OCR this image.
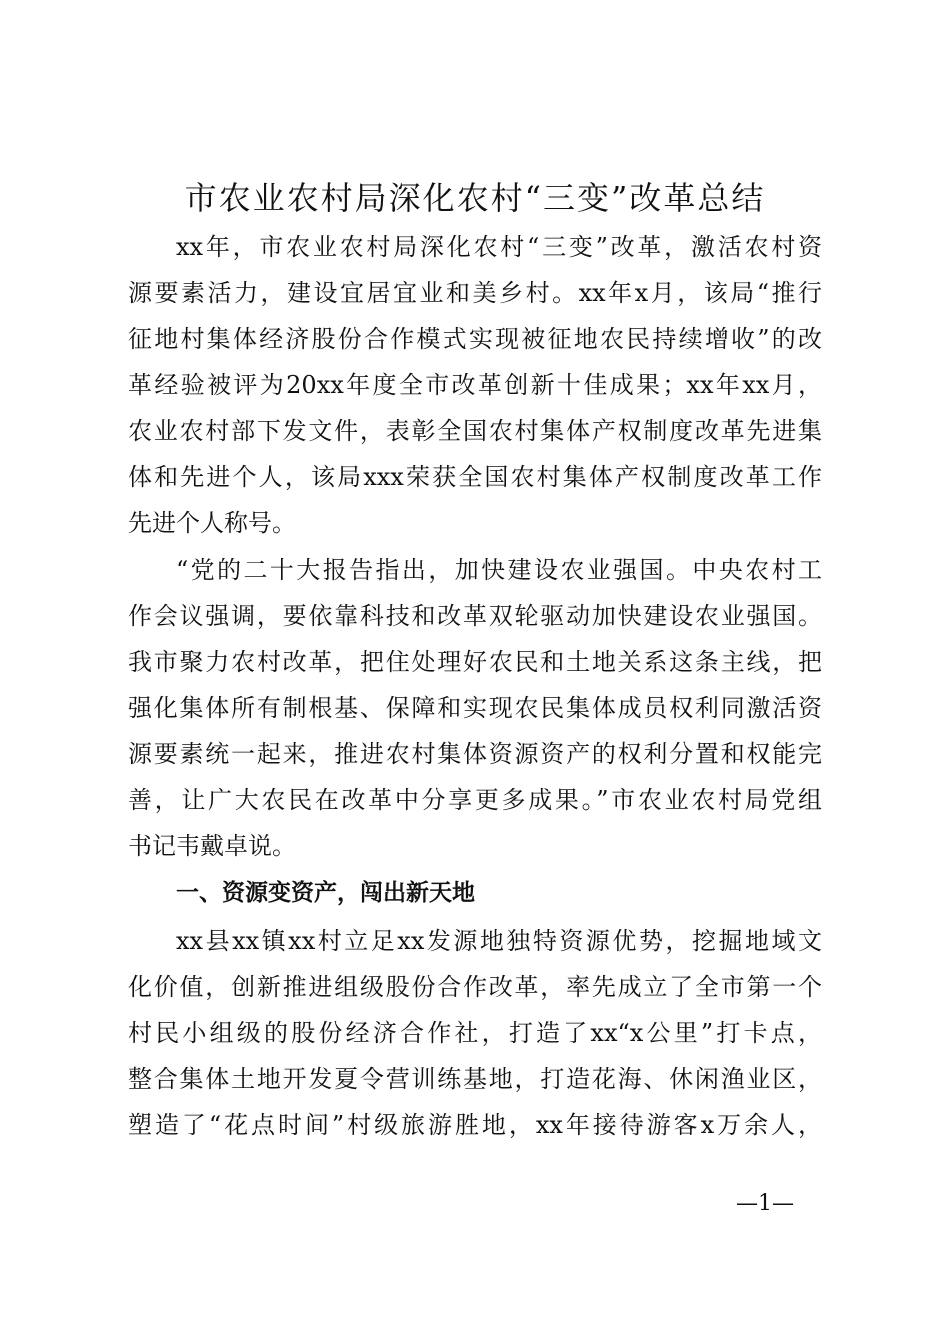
市农业农村局深化农村“三变”改革总结
xx年，市农业农村局深化农村“三变”改革，激活农村资
源要素活力，建设宜居宜业和美乡村。xx年x月，该局“推行
征地村集体经济股份合作模式实现被征地农民持续增收”的改
革经验被评为20xx年度全市改革创新十佳成果；xx年xx月，
农业农村部下发文件，表彰全国农村集体产权制度改革先进集
体和先进个人，该局xxx荣获全国农村集体产权制度改革工作
先进个人称号。
“党的二十大报告指出，加快建设农业强国。中央农村工
作会议强调，要依靠科技和改革双轮驱动加快建设农业强国。
我市聚力农村改革，把住处理好农民和土地关系这条主线，把
强化集体所有制根基、保障和实现农民集体成员权利同激活资
源要素统一起来，推进农村集体资源资产的权利分置和权能完
善，让广大农民在改革中分享更多成果。”市农业农村局党组
书记韦戴卓说。
一、资源变资产，闯出新天地
xx县xx镇xx村立足xx发源地独特资源优势，挖掘地域文
化价值，创新推进组级股份合作改革，率先成立了全市第一个
村民小组级的股份经济合作社，打造了xx“x公里”打卡点，
整合集体土地开发夏令营训练基地，打造花海、休闲渔业区，
塑造了“花点时间”村级旅游胜地，xx年接待游客x万余人，
—1—
